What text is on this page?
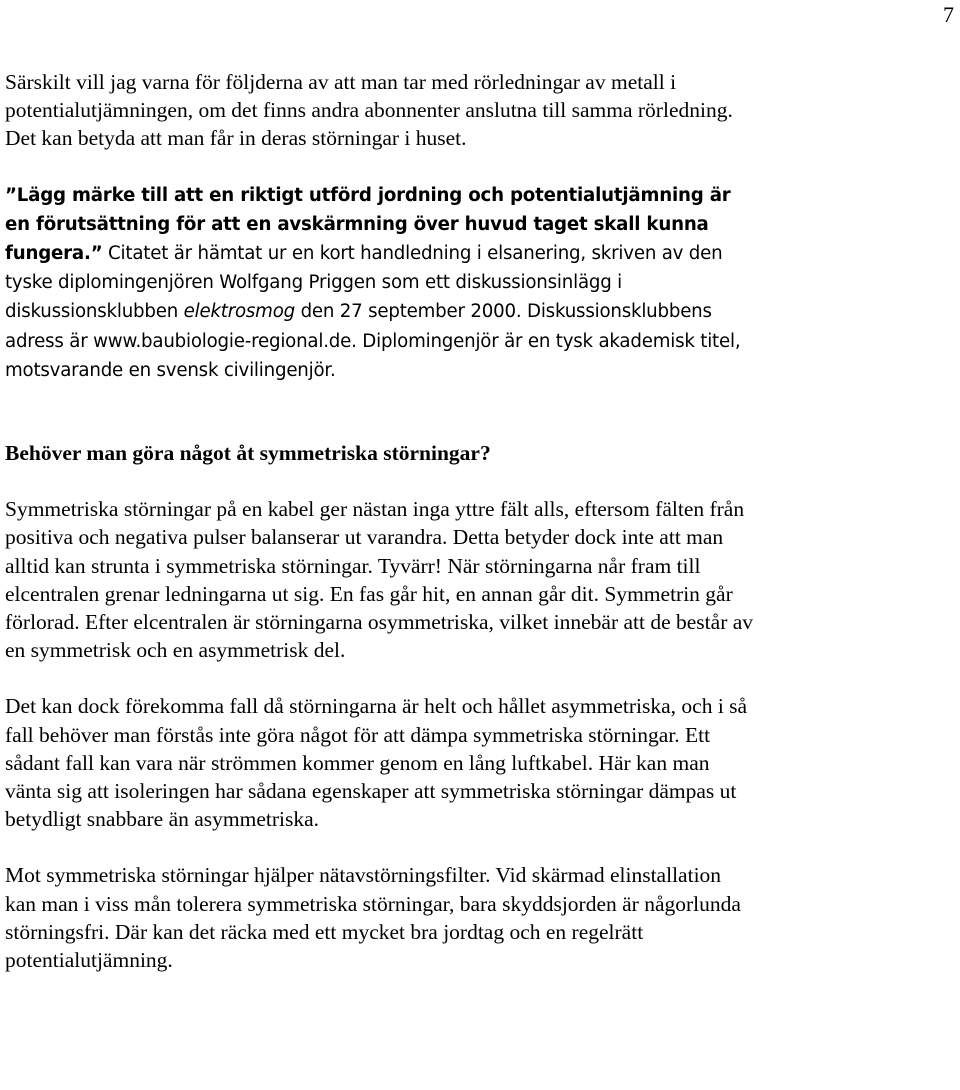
7

Särskilt vill jag varna för följderna av att man tar med rörledningar av metall i potentialutjämningen, om det finns andra abonnenter anslutna till samma rörledning. Det kan betyda att man får in deras störningar i huset.

”Lägg märke till att en riktigt utförd jordning och potentialutjämning är en förutsättning för att en avskärmning över huvud taget skall kunna fungera.” Citatet är hämtat ur en kort handledning i elsanering, skriven av den tyske diplomingenjören Wolfgang Priggen som ett diskussionsinlägg i diskussionsklubben elektrosmog den 27 september 2000. Diskussionsklubbens adress är www.baubiologie-regional.de. Diplomingenjör är en tysk akademisk titel, motsvarande en svensk civilingenjör.

Behöver man göra något åt symmetriska störningar?

Symmetriska störningar på en kabel ger nästan inga yttre fält alls, eftersom fälten från positiva och negativa pulser balanserar ut varandra. Detta betyder dock inte att man alltid kan strunta i symmetriska störningar. Tyvärr! När störningarna når fram till elcentralen grenar ledningarna ut sig. En fas går hit, en annan går dit. Symmetrin går förlorad. Efter elcentralen är störningarna osymmetriska, vilket innebär att de består av en symmetrisk och en asymmetrisk del.

Det kan dock förekomma fall då störningarna är helt och hållet asymmetriska, och i så fall behöver man förstås inte göra något för att dämpa symmetriska störningar. Ett sådant fall kan vara när strömmen kommer genom en lång luftkabel. Här kan man vänta sig att isoleringen har sådana egenskaper att symmetriska störningar dämpas ut betydligt snabbare än asymmetriska.

Mot symmetriska störningar hjälper nätavstörningsfilter. Vid skärmad elinstallation kan man i viss mån tolerera symmetriska störningar, bara skyddsjorden är någorlunda störningsfri. Där kan det räcka med ett mycket bra jordtag och en regelrätt potentialutjämning.
